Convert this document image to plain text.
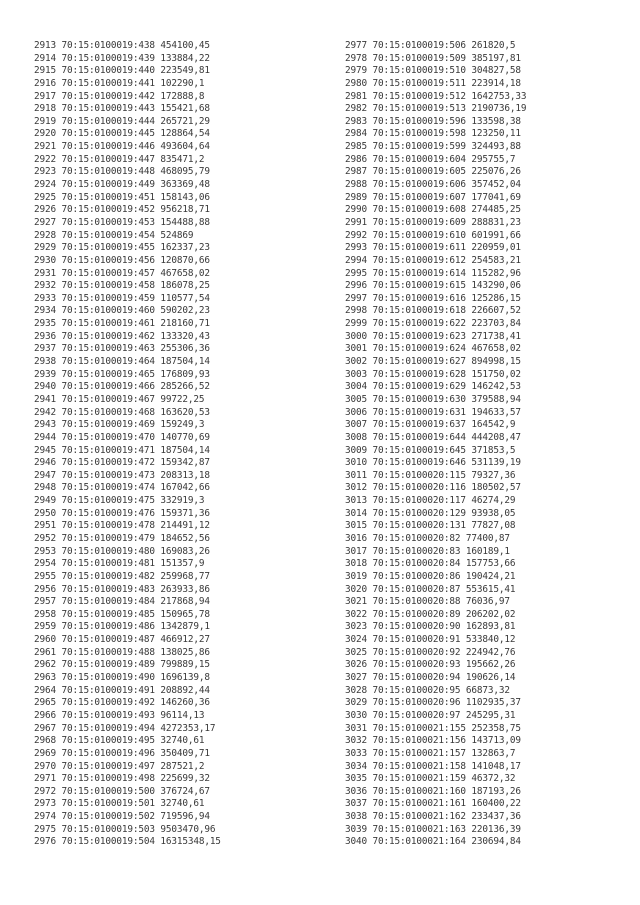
2913 70:15:0100019:438 454100,45
2914 70:15:0100019:439 133884,22
2915 70:15:0100019:440 223549,81
2916 70:15:0100019:441 102290,1
2917 70:15:0100019:442 172888,8
2918 70:15:0100019:443 155421,68
2919 70:15:0100019:444 265721,29
2920 70:15:0100019:445 128864,54
2921 70:15:0100019:446 493604,64
2922 70:15:0100019:447 835471,2
2923 70:15:0100019:448 468095,79
2924 70:15:0100019:449 363369,48
2925 70:15:0100019:451 158143,06
2926 70:15:0100019:452 956218,71
2927 70:15:0100019:453 154488,88
2928 70:15:0100019:454 524869
2929 70:15:0100019:455 162337,23
2930 70:15:0100019:456 120870,66
2931 70:15:0100019:457 467658,02
2932 70:15:0100019:458 186078,25
2933 70:15:0100019:459 110577,54
2934 70:15:0100019:460 590202,23
2935 70:15:0100019:461 218160,71
2936 70:15:0100019:462 133320,43
2937 70:15:0100019:463 255306,36
2938 70:15:0100019:464 187504,14
2939 70:15:0100019:465 176809,93
2940 70:15:0100019:466 285266,52
2941 70:15:0100019:467 99722,25
2942 70:15:0100019:468 163620,53
2943 70:15:0100019:469 159249,3
2944 70:15:0100019:470 140770,69
2945 70:15:0100019:471 187504,14
2946 70:15:0100019:472 159342,87
2947 70:15:0100019:473 208313,18
2948 70:15:0100019:474 167042,66
2949 70:15:0100019:475 332919,3
2950 70:15:0100019:476 159371,36
2951 70:15:0100019:478 214491,12
2952 70:15:0100019:479 184652,56
2953 70:15:0100019:480 169083,26
2954 70:15:0100019:481 151357,9
2955 70:15:0100019:482 259968,77
2956 70:15:0100019:483 263933,86
2957 70:15:0100019:484 217868,94
2958 70:15:0100019:485 150965,78
2959 70:15:0100019:486 1342879,1
2960 70:15:0100019:487 466912,27
2961 70:15:0100019:488 138025,86
2962 70:15:0100019:489 799889,15
2963 70:15:0100019:490 1696139,8
2964 70:15:0100019:491 208892,44
2965 70:15:0100019:492 146260,36
2966 70:15:0100019:493 96114,13
2967 70:15:0100019:494 4272353,17
2968 70:15:0100019:495 32740,61
2969 70:15:0100019:496 350409,71
2970 70:15:0100019:497 287521,2
2971 70:15:0100019:498 225699,32
2972 70:15:0100019:500 376724,67
2973 70:15:0100019:501 32740,61
2974 70:15:0100019:502 719596,94
2975 70:15:0100019:503 9503470,96
2976 70:15:0100019:504 16315348,15
2977 70:15:0100019:506 261820,5
2978 70:15:0100019:509 385197,81
2979 70:15:0100019:510 304827,58
2980 70:15:0100019:511 223914,18
2981 70:15:0100019:512 1642753,33
2982 70:15:0100019:513 2190736,19
2983 70:15:0100019:596 133598,38
2984 70:15:0100019:598 123250,11
2985 70:15:0100019:599 324493,88
2986 70:15:0100019:604 295755,7
2987 70:15:0100019:605 225076,26
2988 70:15:0100019:606 357452,04
2989 70:15:0100019:607 177041,69
2990 70:15:0100019:608 274485,25
2991 70:15:0100019:609 288831,23
2992 70:15:0100019:610 601991,66
2993 70:15:0100019:611 220959,01
2994 70:15:0100019:612 254583,21
2995 70:15:0100019:614 115282,96
2996 70:15:0100019:615 143290,06
2997 70:15:0100019:616 125286,15
2998 70:15:0100019:618 226607,52
2999 70:15:0100019:622 223703,84
3000 70:15:0100019:623 271738,41
3001 70:15:0100019:624 467658,02
3002 70:15:0100019:627 894998,15
3003 70:15:0100019:628 151750,02
3004 70:15:0100019:629 146242,53
3005 70:15:0100019:630 379588,94
3006 70:15:0100019:631 194633,57
3007 70:15:0100019:637 164542,9
3008 70:15:0100019:644 444208,47
3009 70:15:0100019:645 371853,5
3010 70:15:0100019:646 531139,19
3011 70:15:0100020:115 79327,36
3012 70:15:0100020:116 180502,57
3013 70:15:0100020:117 46274,29
3014 70:15:0100020:129 93938,05
3015 70:15:0100020:131 77827,08
3016 70:15:0100020:82 77400,87
3017 70:15:0100020:83 160189,1
3018 70:15:0100020:84 157753,66
3019 70:15:0100020:86 190424,21
3020 70:15:0100020:87 553615,41
3021 70:15:0100020:88 76036,97
3022 70:15:0100020:89 206202,02
3023 70:15:0100020:90 162893,81
3024 70:15:0100020:91 533840,12
3025 70:15:0100020:92 224942,76
3026 70:15:0100020:93 195662,26
3027 70:15:0100020:94 190626,14
3028 70:15:0100020:95 66873,32
3029 70:15:0100020:96 1102935,37
3030 70:15:0100020:97 245295,31
3031 70:15:0100021:155 252358,75
3032 70:15:0100021:156 143713,09
3033 70:15:0100021:157 132863,7
3034 70:15:0100021:158 141048,17
3035 70:15:0100021:159 46372,32
3036 70:15:0100021:160 187193,26
3037 70:15:0100021:161 160400,22
3038 70:15:0100021:162 233437,36
3039 70:15:0100021:163 220136,39
3040 70:15:0100021:164 230694,84
